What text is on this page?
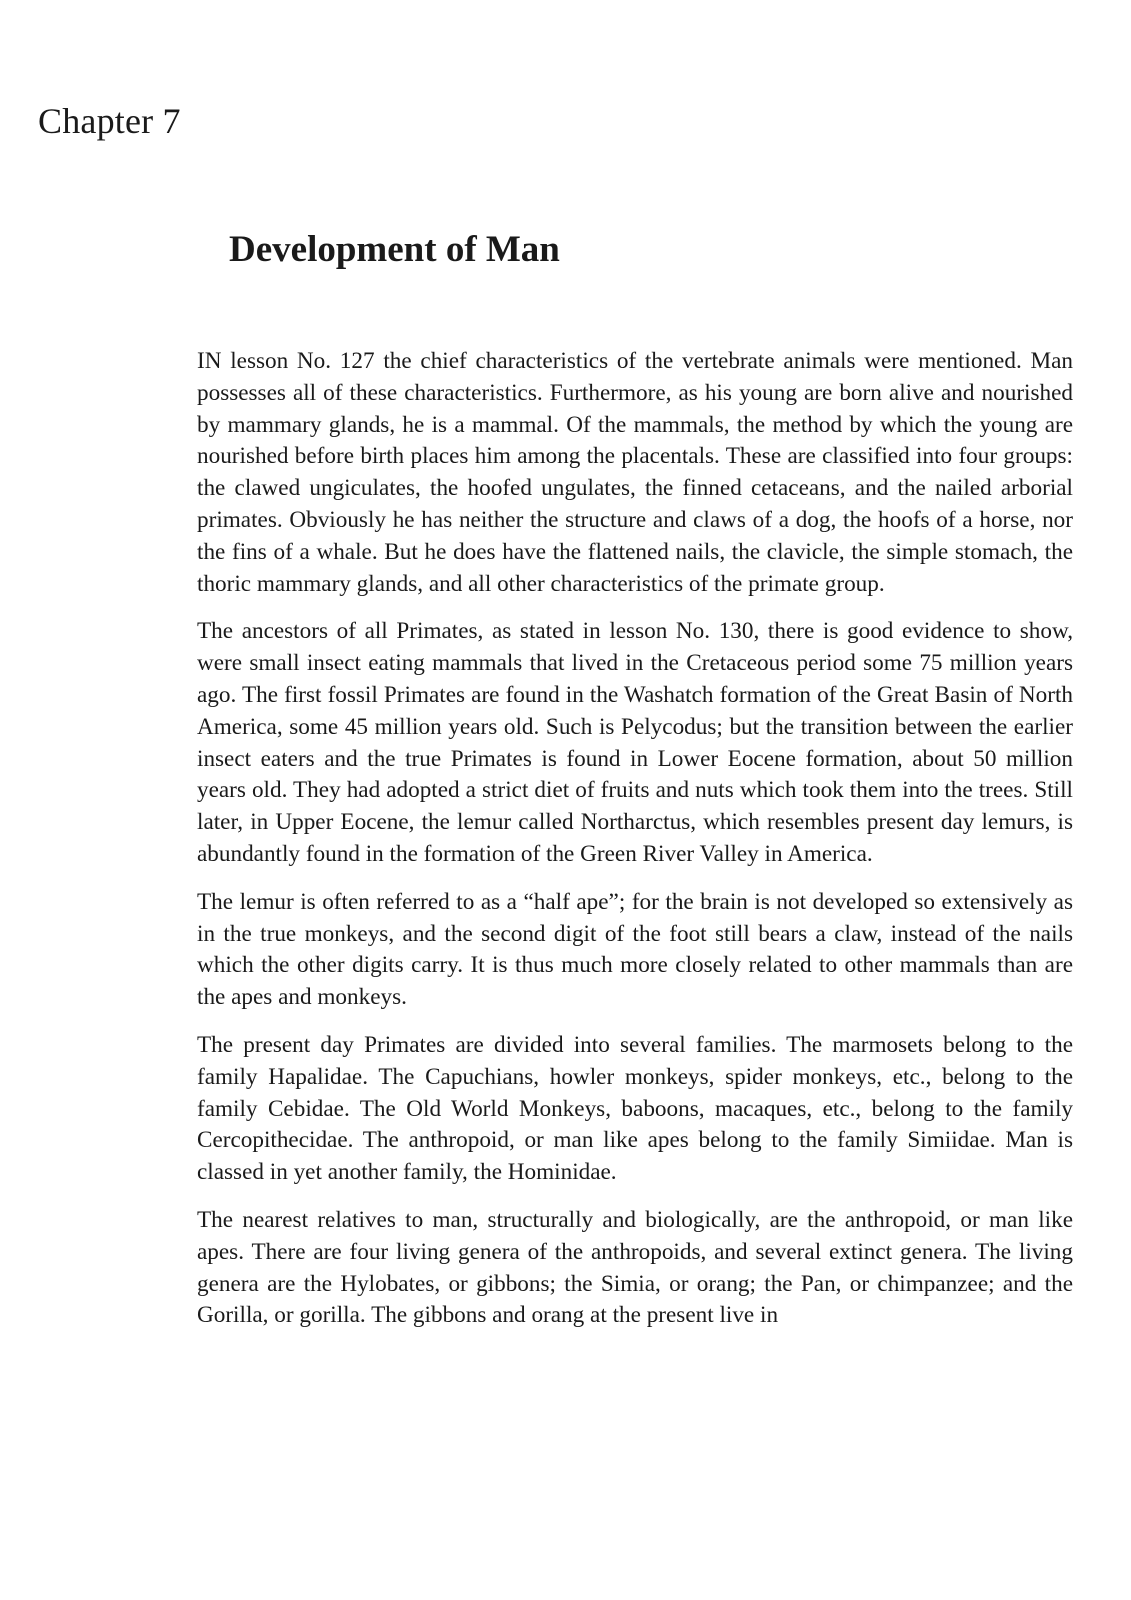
Chapter 7
Development of Man

IN lesson No. 127 the chief characteristics of the vertebrate animals were mentioned. Man possesses all of these characteristics. Furthermore, as his young are born alive and nourished by mammary glands, he is a mammal. Of the mammals, the method by which the young are nourished before birth places him among the placentals. These are classified into four groups: the clawed ungiculates, the hoofed ungulates, the finned cetaceans, and the nailed arborial primates. Obviously he has neither the structure and claws of a dog, the hoofs of a horse, nor the fins of a whale. But he does have the flattened nails, the clavicle, the simple stomach, the thoric mammary glands, and all other characteristics of the primate group.

The ancestors of all Primates, as stated in lesson No. 130, there is good evidence to show, were small insect eating mammals that lived in the Cretaceous period some 75 million years ago. The first fossil Primates are found in the Washatch formation of the Great Basin of North America, some 45 million years old. Such is Pelycodus; but the transition between the earlier insect eaters and the true Primates is found in Lower Eocene formation, about 50 million years old. They had adopted a strict diet of fruits and nuts which took them into the trees. Still later, in Upper Eocene, the lemur called Northarctus, which resembles present day lemurs, is abundantly found in the formation of the Green River Valley in America.

The lemur is often referred to as a “half ape”; for the brain is not developed so extensively as in the true monkeys, and the second digit of the foot still bears a claw, instead of the nails which the other digits carry. It is thus much more closely related to other mammals than are the apes and monkeys.

The present day Primates are divided into several families. The marmosets belong to the family Hapalidae. The Capuchians, howler monkeys, spider monkeys, etc., belong to the family Cebidae. The Old World Monkeys, baboons, macaques, etc., belong to the family Cercopithecidae. The anthropoid, or man like apes belong to the family Simiidae. Man is classed in yet another family, the Hominidae.

The nearest relatives to man, structurally and biologically, are the anthropoid, or man like apes. There are four living genera of the anthropoids, and several extinct genera. The living genera are the Hylobates, or gibbons; the Simia, or orang; the Pan, or chimpanzee; and the Gorilla, or gorilla. The gibbons and orang at the present live in
